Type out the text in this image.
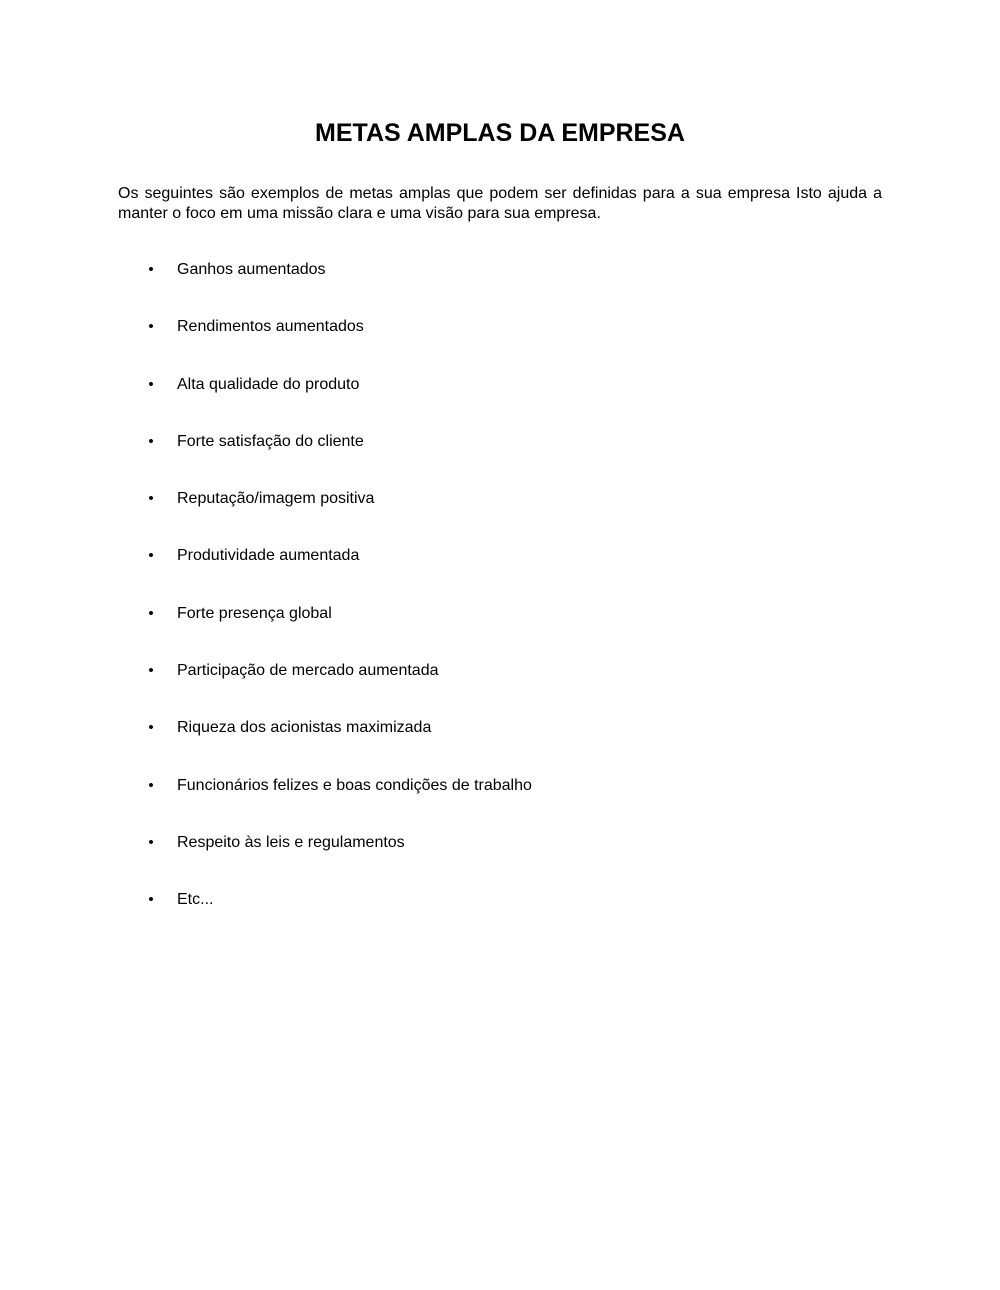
METAS AMPLAS DA EMPRESA

Os seguintes são exemplos de metas amplas que podem ser definidas para a sua empresa Isto ajuda a manter o foco em uma missão clara e uma visão para sua empresa.

• Ganhos aumentados
• Rendimentos aumentados
• Alta qualidade do produto
• Forte satisfação do cliente
• Reputação/imagem positiva
• Produtividade aumentada
• Forte presença global
• Participação de mercado aumentada
• Riqueza dos acionistas maximizada
• Funcionários felizes e boas condições de trabalho
• Respeito às leis e regulamentos
• Etc...
